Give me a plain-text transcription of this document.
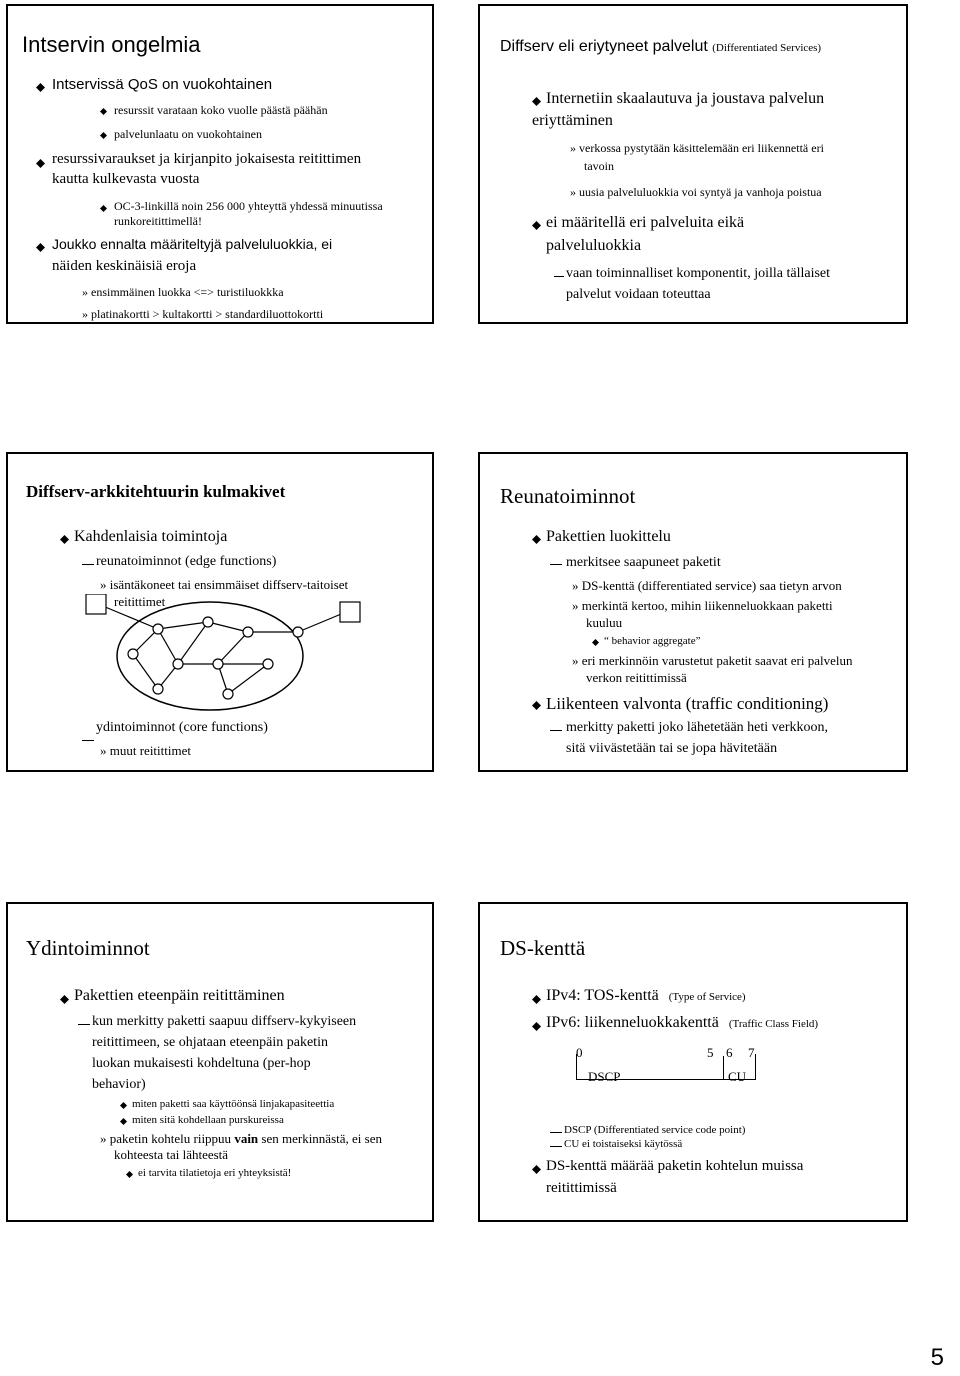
Intservin ongelmia
Intservissä QoS on vuokohtainen
resurssit varataan koko vuolle päästä päähän
palvelunlaatu on vuokohtainen
resurssivaraukset ja kirjanpito jokaisesta reitittimen
kautta kulkevasta vuosta
OC-3-linkillä noin 256 000 yhteyttä yhdessä minuutissa
runkoreitittimellä!
Joukko ennalta määriteltyjä palveluluokkia, ei
näiden keskinäisiä eroja
» ensimmäinen luokka <=> turistiluokkka
» platinakortti > kultakortti > standardiluottokortti
Diffserv eli eriytyneet palvelut (Differentiated Services)
Internetiin skaalautuva ja joustava palvelun
eriyttäminen
» verkossa pystytään käsittelemään eri liikennettä eri
tavoin
» uusia palveluluokkia voi syntyä ja vanhoja poistua
ei määritellä eri palveluita eikä
palveluluokkia
vaan toiminnalliset komponentit, joilla tällaiset
palvelut voidaan toteuttaa
Diffserv-arkkitehtuurin kulmakivet
Kahdenlaisia toimintoja
reunatoiminnot (edge functions)
» isäntäkoneet tai ensimmäiset diffserv-taitoiset
reitittimet
ydintoiminnot (core functions)
» muut reitittimet
Reunatoiminnot
Pakettien luokittelu
merkitsee saapuneet paketit
» DS-kenttä (differentiated service) saa tietyn arvon
» merkintä kertoo, mihin liikenneluokkaan paketti
kuuluu
“ behavior aggregate”
» eri merkinnöin varustetut paketit saavat eri palvelun
verkon reitittimissä
Liikenteen valvonta (traffic conditioning)
merkitty paketti joko lähetetään heti verkkoon,
sitä viivästetään tai se jopa hävitetään
Ydintoiminnot
Pakettien eteenpäin reitittäminen
kun merkitty paketti saapuu diffserv-kykyiseen
reitittimeen, se ohjataan eteenpäin paketin
luokan mukaisesti kohdeltuna (per-hop
behavior)
miten paketti saa käyttöönsä linjakapasiteettia
miten sitä kohdellaan purskureissa
» paketin kohtelu riippuu vain sen merkinnästä, ei sen
kohteesta tai lähteestä
ei tarvita tilatietoja eri yhteyksistä!
DS-kenttä
IPv4: TOS-kenttä (Type of Service)
IPv6: liikenneluokkakenttä (Traffic Class Field)
0	5 6 7
DSCP	CU
DSCP (Differentiated service code point)
CU ei toistaiseksi käytössä
DS-kenttä määrää paketin kohtelun muissa
reitittimissä
5
